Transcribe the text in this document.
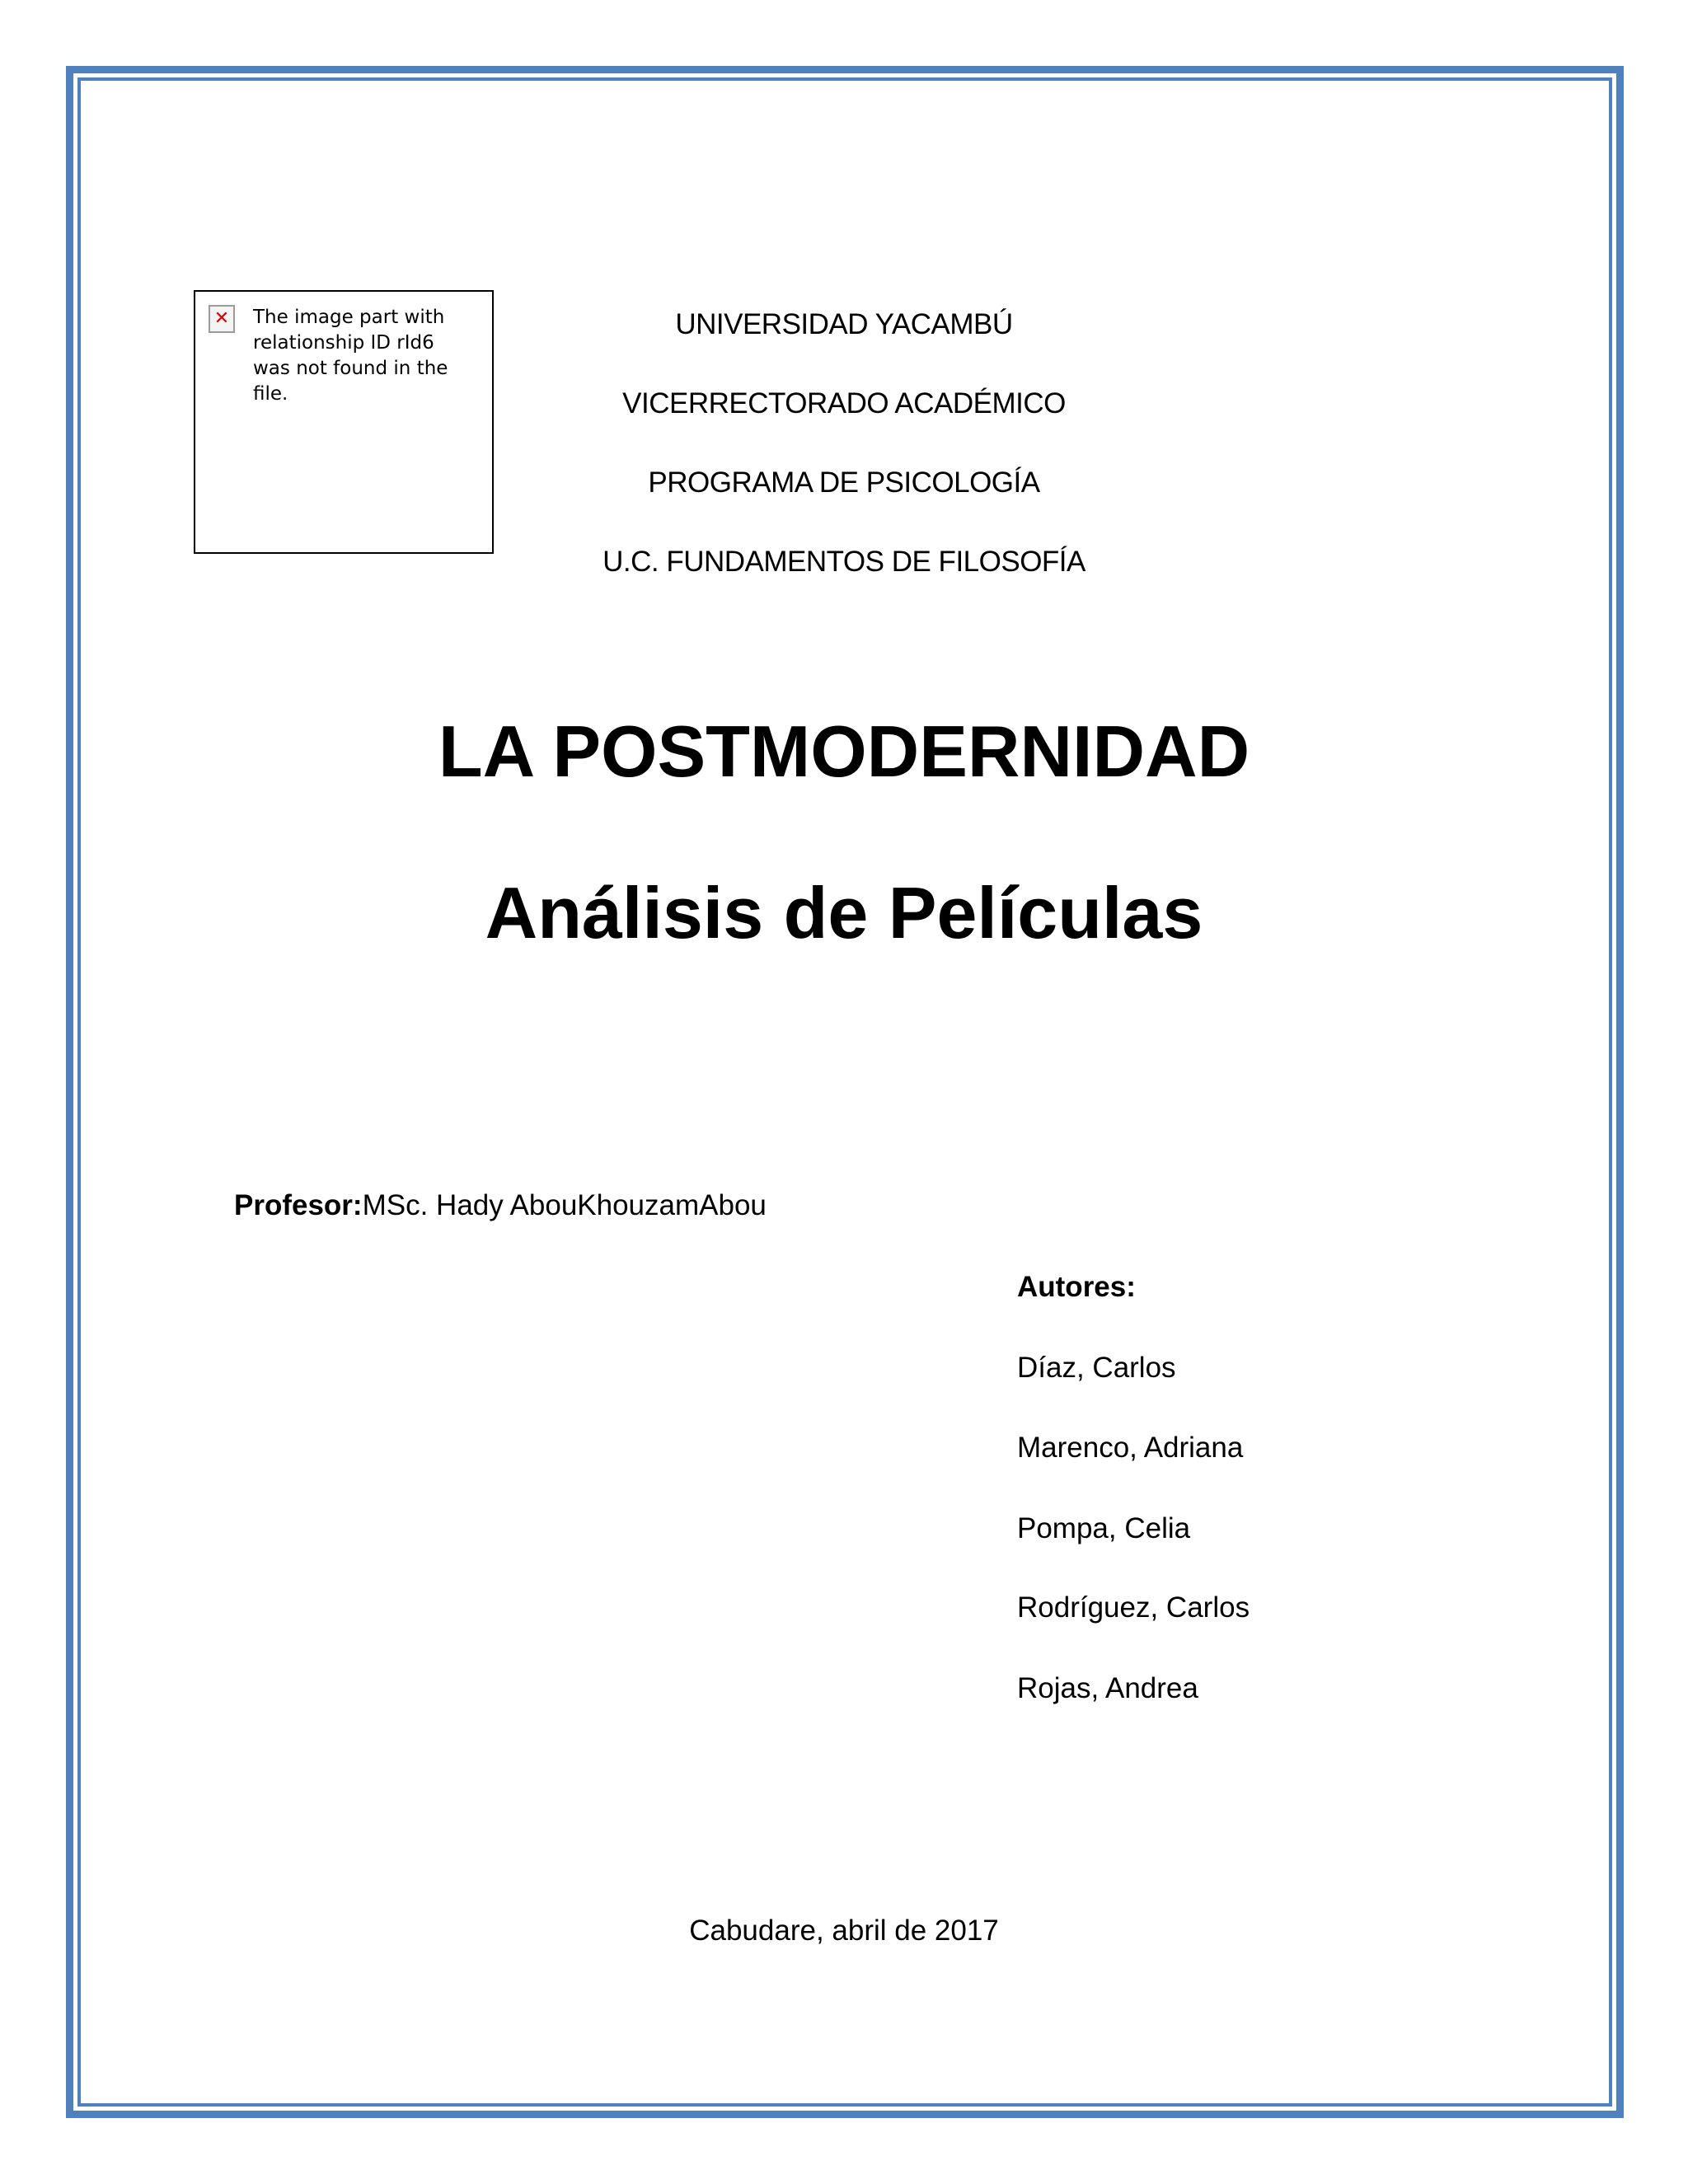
✕ The image part with relationship ID rId6 was not found in the file.
UNIVERSIDAD YACAMBÚ
VICERRECTORADO ACADÉMICO
PROGRAMA DE PSICOLOGÍA
U.C. FUNDAMENTOS DE FILOSOFÍA
LA POSTMODERNIDAD
Análisis de Películas
Profesor:MSc. Hady AbouKhouzamAbou
Autores:
Díaz, Carlos
Marenco, Adriana
Pompa, Celia
Rodríguez, Carlos
Rojas, Andrea
Cabudare, abril de 2017
